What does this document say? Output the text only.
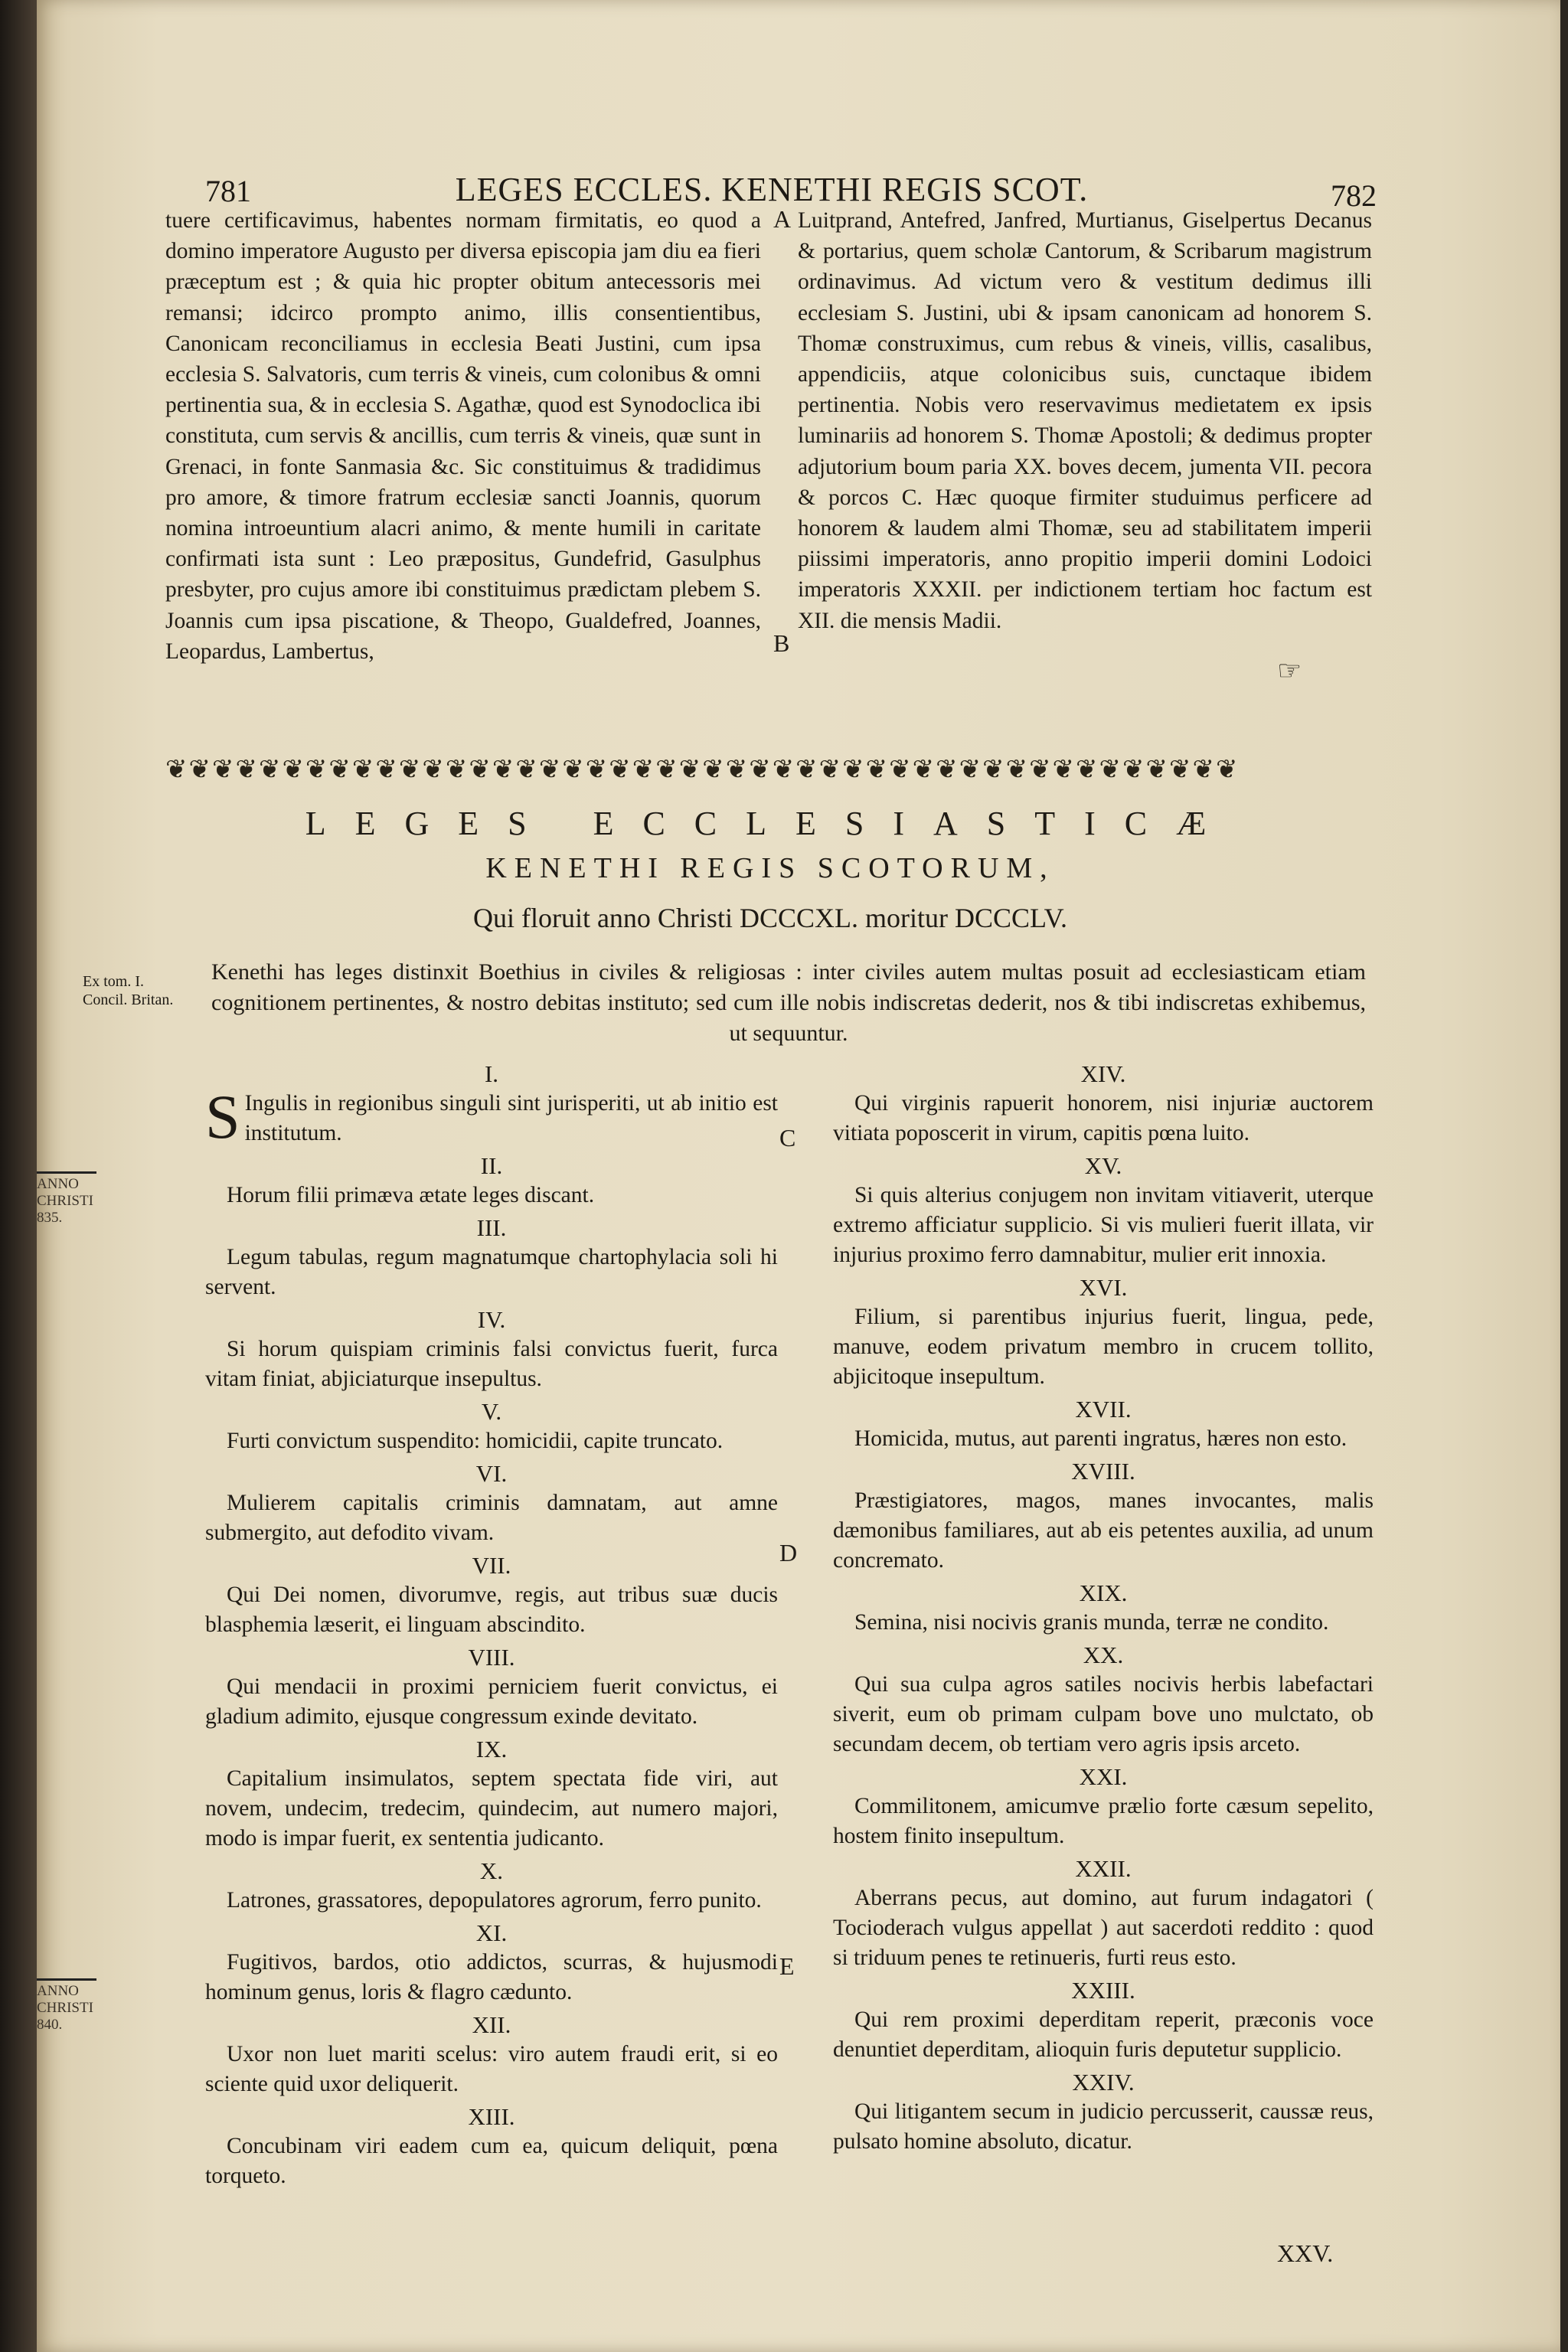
781	LEGES ECCLES. KENETHI REGIS SCOT.	782

tuere certificavimus, habentes normam firmitatis, eo quod a domino imperatore Augusto per diversa episcopia jam diu ea fieri præceptum est ; & quia hic propter obitum antecessoris mei remansi; idcirco prompto animo, illis consentientibus, Canonicam reconciliamus in ecclesia Beati Justini, cum ipsa ecclesia S. Salvatoris, cum terris & vineis, cum colonibus & omni pertinentia sua, & in ecclesia S. Agathæ, quod est Synodoclica ibi constituta, cum servis & ancillis, cum terris & vineis, quæ sunt in Grenaci, in fonte Sanmasia &c. Sic constituimus & tradidimus pro amore, & timore fratrum ecclesiæ sancti Joannis, quorum nomina introeuntium alacri animo, & mente humili in caritate confirmati ista sunt : Leo præpositus, Gundefrid, Gasulphus presbyter, pro cujus amore ibi constituimus prædictam plebem S. Joannis cum ipsa piscatione, & Theopo, Gualdefred, Joannes, Leopardus, Lambertus,

A
B

Luitprand, Antefred, Janfred, Murtianus, Giselpertus Decanus & portarius, quem scholæ Cantorum, & Scribarum magistrum ordinavimus. Ad victum vero & vestitum dedimus illi ecclesiam S. Justini, ubi & ipsam canonicam ad honorem S. Thomæ construximus, cum rebus & vineis, villis, casalibus, appendiciis, atque colonicibus suis, cunctaque ibidem pertinentia. Nobis vero reservavimus medietatem ex ipsis luminariis ad honorem S. Thomæ Apostoli; & dedimus propter adjutorium boum paria XX. boves decem, jumenta VII. pecora & porcos C. Hæc quoque firmiter studuimus perficere ad honorem & laudem almi Thomæ, seu ad stabilitatem imperii piissimi imperatoris, anno propitio imperii domini Lodoici imperatoris XXXII. per indictionem tertiam hoc factum est XII. die mensis Madii.

☞
❦❦❦❦❦❦❦❦❦❦❦❦❦❦❦❦❦❦❦❦❦❦❦❦❦❦❦❦❦❦❦❦❦❦❦❦❦❦❦❦❦❦❦❦❦❦
LEGES ECCLESIASTICÆ
KENETHI REGIS SCOTORUM,
Qui floruit anno Christi DCCCXL. moritur DCCCLV.
Ex tom. I. Concil. Britan.
Kenethi has leges distinxit Boethius in civiles & religiosas : inter civiles autem multas posuit ad ecclesiasticam etiam cognitionem pertinentes, & nostro debitas instituto; sed cum ille nobis indiscretas dederit, nos & tibi indiscretas exhibemus, ut sequuntur.
ANNO CHRISTI 835.
ANNO CHRISTI 840.
I.
S Ingulis in regionibus singuli sint jurisperiti, ut ab initio est institutum.
II.
Horum filii primæva ætate leges discant.
III.
Legum tabulas, regum magnatumque chartophylacia soli hi servent.
IV.
Si horum quispiam criminis falsi convictus fuerit, furca vitam finiat, abjiciaturque insepultus.
V.
Furti convictum suspendito: homicidii, capite truncato.
VI.
Mulierem capitalis criminis damnatam, aut amne submergito, aut defodito vivam.
VII.
Qui Dei nomen, divorumve, regis, aut tribus suæ ducis blasphemia læserit, ei linguam abscindito.
VIII.
Qui mendacii in proximi perniciem fuerit convictus, ei gladium adimito, ejusque congressum exinde devitato.
IX.
Capitalium insimulatos, septem spectata fide viri, aut novem, undecim, tredecim, quindecim, aut numero majori, modo is impar fuerit, ex sententia judicanto.
X.
Latrones, grassatores, depopulatores agrorum, ferro punito.
XI.
Fugitivos, bardos, otio addictos, scurras, & hujusmodi hominum genus, loris & flagro cædunto.
XII.
Uxor non luet mariti scelus: viro autem fraudi erit, si eo sciente quid uxor deliquerit.
XIII.
Concubinam viri eadem cum ea, quicum deliquit, pœna torqueto.
C
D
E
XIV.
Qui virginis rapuerit honorem, nisi injuriæ auctorem vitiata poposcerit in virum, capitis pœna luito.
XV.
Si quis alterius conjugem non invitam vitiaverit, uterque extremo afficiatur supplicio. Si vis mulieri fuerit illata, vir injurius proximo ferro damnabitur, mulier erit innoxia.
XVI.
Filium, si parentibus injurius fuerit, lingua, pede, manuve, eodem privatum membro in crucem tollito, abjicitoque insepultum.
XVII.
Homicida, mutus, aut parenti ingratus, hæres non esto.
XVIII.
Præstigiatores, magos, manes invocantes, malis dæmonibus familiares, aut ab eis petentes auxilia, ad unum concremato.
XIX.
Semina, nisi nocivis granis munda, terræ ne condito.
XX.
Qui sua culpa agros satiles nocivis herbis labefactari siverit, eum ob primam culpam bove uno mulctato, ob secundam decem, ob tertiam vero agris ipsis arceto.
XXI.
Commilitonem, amicumve prælio forte cæsum sepelito, hostem finito insepultum.
XXII.
Aberrans pecus, aut domino, aut furum indagatori ( Tocioderach vulgus appellat ) aut sacerdoti reddito : quod si triduum penes te retinueris, furti reus esto.
XXIII.
Qui rem proximi deperditam reperit, præconis voce denuntiet deperditam, alioquin furis deputetur supplicio.
XXIV.
Qui litigantem secum in judicio percusserit, caussæ reus, pulsato homine absoluto, dicatur.
XXV.
